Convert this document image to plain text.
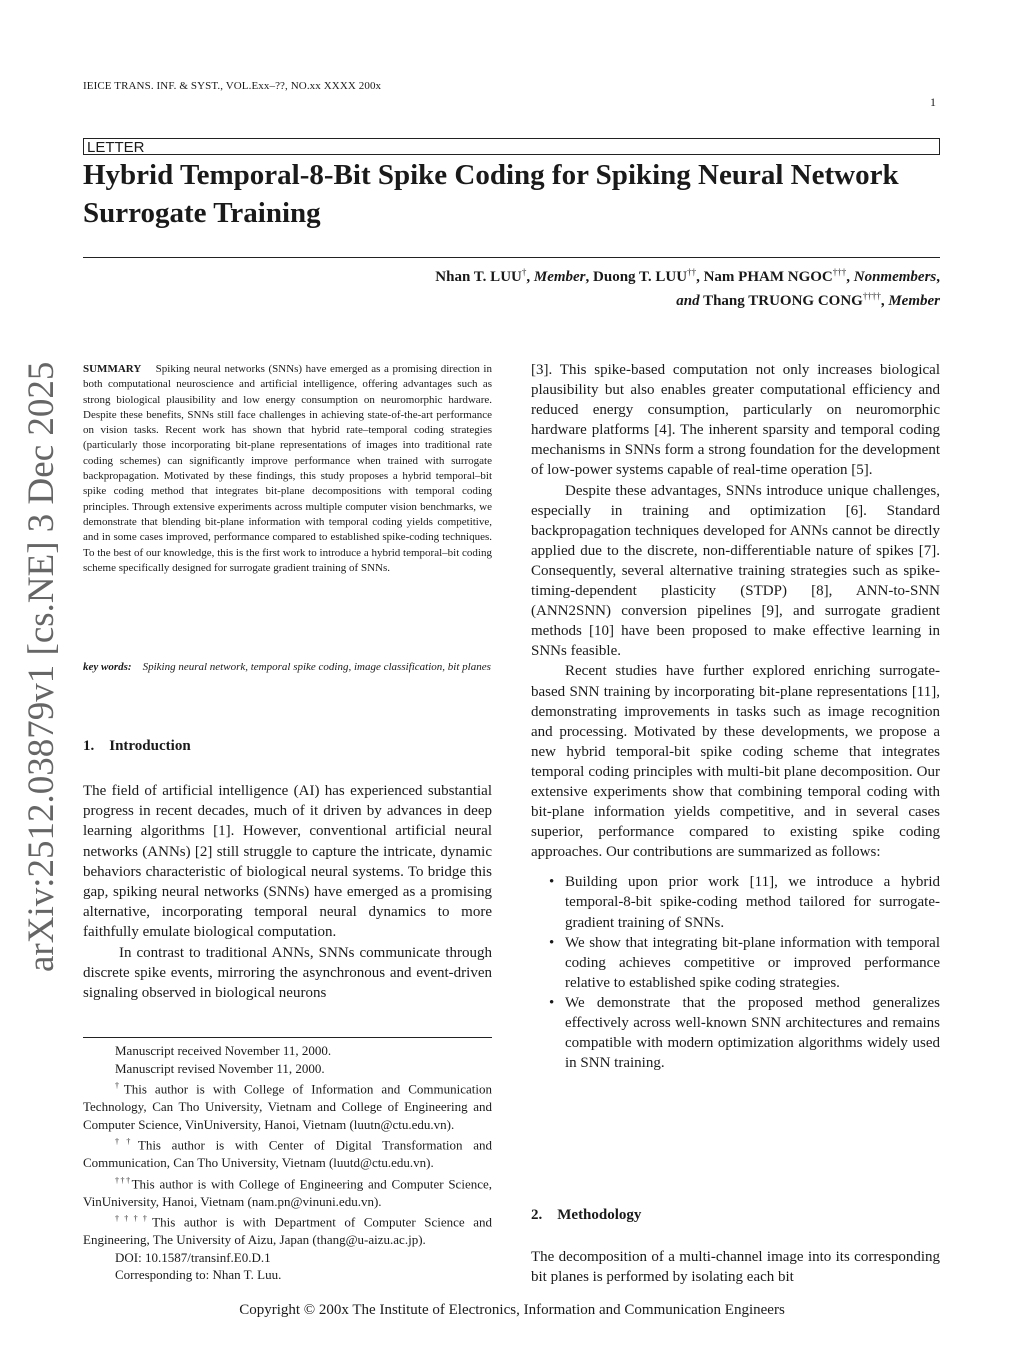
IEICE TRANS. INF. & SYST., VOL.Exx–??, NO.xx XXXX 200x
1
LETTER
Hybrid Temporal-8-Bit Spike Coding for Spiking Neural Network Surrogate Training
Nhan T. LUU†, Member, Duong T. LUU††, Nam PHAM NGOC†††, Nonmembers,
and Thang TRUONG CONG††††, Member
arXiv:2512.03879v1 [cs.NE] 3 Dec 2025 SUMMARY Spiking neural networks (SNNs) have emerged as a promising direction in both computational neuroscience and artificial intelligence, offering advantages such as strong biological plausibility and low energy consumption on neuromorphic hardware. Despite these benefits, SNNs still face challenges in achieving state-of-the-art performance on vision tasks. Recent work has shown that hybrid rate–temporal coding strategies (particularly those incorporating bit-plane representations of images into traditional rate coding schemes) can significantly improve performance when trained with surrogate backpropagation. Motivated by these findings, this study proposes a hybrid temporal–bit spike coding method that integrates bit-plane decompositions with temporal coding principles. Through extensive experiments across multiple computer vision benchmarks, we demonstrate that blending bit-plane information with temporal coding yields competitive, and in some cases improved, performance compared to established spike-coding techniques. To the best of our knowledge, this is the first work to introduce a hybrid temporal–bit coding scheme specifically designed for surrogate gradient training of SNNs.
key words: Spiking neural network, temporal spike coding, image classification, bit planes
1.    Introduction

The field of artificial intelligence (AI) has experienced substantial progress in recent decades, much of it driven by advances in deep learning algorithms [1]. However, conventional artificial neural networks (ANNs) [2] still struggle to capture the intricate, dynamic behaviors characteristic of biological neural systems. To bridge this gap, spiking neural networks (SNNs) have emerged as a promising alternative, incorporating temporal neural dynamics to more faithfully emulate biological computation.

In contrast to traditional ANNs, SNNs communicate through discrete spike events, mirroring the asynchronous and event-driven signaling observed in biological neurons

Manuscript received November 11, 2000.

Manuscript revised November 11, 2000.

†This author is with College of Information and Communication Technology, Can Tho University, Vietnam and College of Engineering and Computer Science, VinUniversity, Hanoi, Vietnam (luutn@ctu.edu.vn).

††This author is with Center of Digital Transformation and Communication, Can Tho University, Vietnam (luutd@ctu.edu.vn).

†††This author is with College of Engineering and Computer Science, VinUniversity, Hanoi, Vietnam (nam.pn@vinuni.edu.vn).

††††This author is with Department of Computer Science and Engineering, The University of Aizu, Japan (thang@u-aizu.ac.jp).

DOI: 10.1587/transinf.E0.D.1

Corresponding to: Nhan T. Luu.

[3]. This spike-based computation not only increases biological plausibility but also enables greater computational efficiency and reduced energy consumption, particularly on neuromorphic hardware platforms [4]. The inherent sparsity and temporal coding mechanisms in SNNs form a strong foundation for the development of low-power systems capable of real-time operation [5].

Despite these advantages, SNNs introduce unique challenges, especially in training and optimization [6]. Standard backpropagation techniques developed for ANNs cannot be directly applied due to the discrete, non-differentiable nature of spikes [7]. Consequently, several alternative training strategies such as spike-timing-dependent plasticity (STDP) [8], ANN-to-SNN (ANN2SNN) conversion pipelines [9], and surrogate gradient methods [10] have been proposed to make effective learning in SNNs feasible.

Recent studies have further explored enriching surrogate-based SNN training by incorporating bit-plane representations [11], demonstrating improvements in tasks such as image recognition and processing. Motivated by these developments, we propose a new hybrid temporal-bit spike coding scheme that integrates temporal coding principles with multi-bit plane decomposition. Our extensive experiments show that combining temporal coding with bit-plane information yields competitive, and in several cases superior, performance compared to existing spike coding approaches. Our contributions are summarized as follows:

• Building upon prior work [11], we introduce a hybrid temporal-8-bit spike-coding method tailored for surrogate-gradient training of SNNs.
• We show that integrating bit-plane information with temporal coding achieves competitive or improved performance relative to established spike coding strategies.
• We demonstrate that the proposed method generalizes effectively across well-known SNN architectures and remains compatible with modern optimization algorithms widely used in SNN training.
2.    Methodology
The decomposition of a multi-channel image into its corresponding bit planes is performed by isolating each bit
Copyright © 200x The Institute of Electronics, Information and Communication Engineers
